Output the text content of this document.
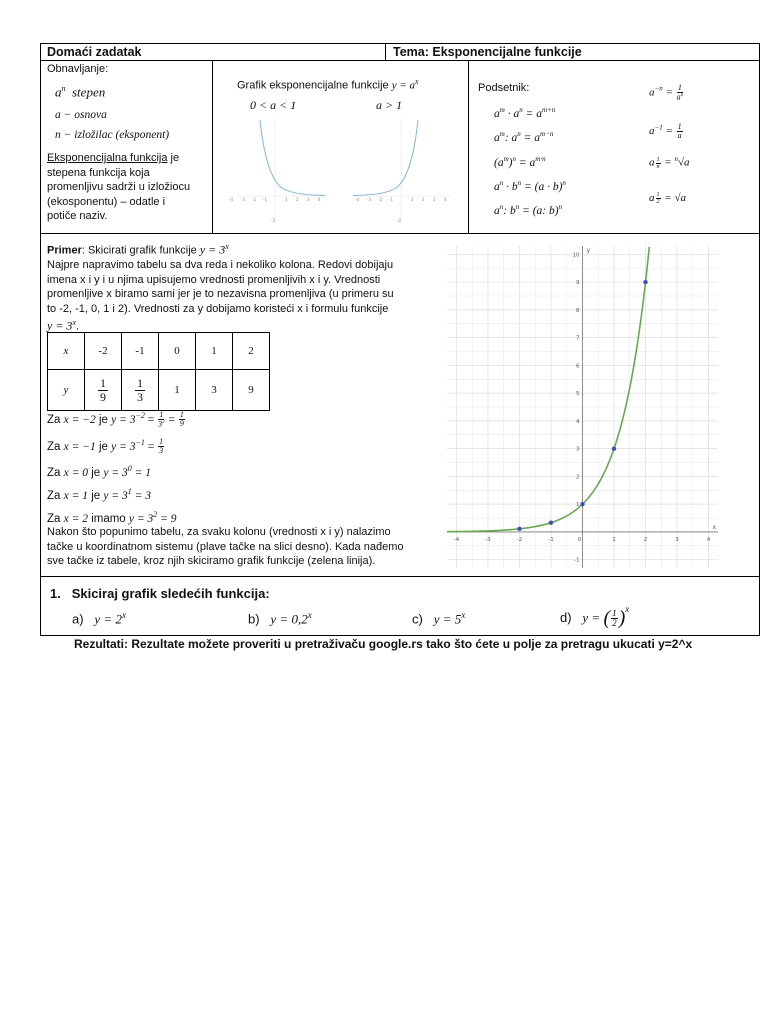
Domaći zadatak	Tema: Eksponencijalne funkcije
Obnavljanje:
$a^n$ stepen
a − osnova
n − izložilac (eksponent)
Eksponencijalna funkcija je
stepena funkcija koja
promenljivu sadrži u izložiocu
(ekosponentu) – odatle i
potiče naziv.
Grafik eksponencijalne funkcije $y = a^x$
0 < a < 1	a > 1
-4 -3 -2 -1	1 2 3 4
-2
-4 -3 -2 -1	1 2 3 4
-2
Podsetnik:
$a^m \cdot a^n = a^{m+n}$
$a^m$: $a^n = a^{m-n}$
$(a^m)^n = a^{m\cdot n}$
$a^n \cdot b^n = (a \cdot b)^n$
$a^n$: $b^n = (a$: b)$^n$
$a^{-n} = \frac{1}{a^n}$
$a^{-1} = \frac{1}{a}$
a $\frac{1}{n} = ^n√a$
a $\frac{1}{2} = √a$
Primer: Skicirati grafik funkcije $y = 3^x$
Najpre napravimo tabelu sa dva reda i nekoliko kolona. Redovi dobijaju
imena x i y i u njima upisujemo vrednosti promenljivih x i y. Vrednosti
promenljive x biramo sami jer je to nezavisna promenljiva (u primeru su
to -2, -1, 0, 1 i 2). Vrednosti za y dobijamo koristeći x i formulu funkcije
$y = 3^x$.
x	-2	-1	0	1	2
y	$\frac{1}{9}$	$\frac{1}{3}$	1	3	9
Za x = −2 je $y = 3^{-2} = \frac{1}{3^2} = \frac{1}{9}$
Za x = −1 je $y = 3^{-1} = \frac{1}{3}$
Za x = 0 je $y = 3^0 = 1$
Za x = 1 je $y = 3^1 = 3$
Za x = 2 imamo $y = 3^2 = 9$
Nakon što popunimo tabelu, za svaku kolonu (vrednosti x i y) nalazimo
tačke u koordinatnom sistemu (plave tačke na slici desno). Kada nađemo
sve tačke iz tabele, kroz njih skiciramo grafik funkcije (zelena linija).
-4	-3	-2	-1	1	2	3	4
0
-1
1
2
3
4
5
6
7
8
9
10
x
y
1. Skiciraj grafik sledećih funkcija:
a) $y = 2^x$	b) $y = 0,2^x$	c) $y = 5^x$	d) y = ( $\frac{1}{2} )^x$
Rezultati: Rezultate možete proveriti u pretraživaču google.rs tako što ćete u polje za pretragu ukucati y=2^x
